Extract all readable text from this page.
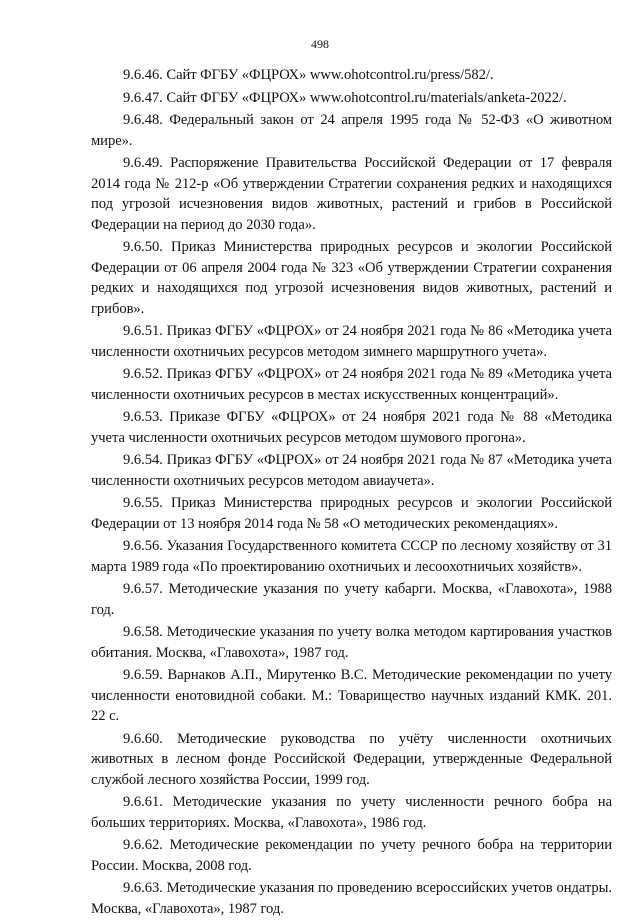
498

9.6.46. Сайт ФГБУ «ФЦРОХ» www.ohotcontrol.ru/press/582/.

9.6.47. Сайт ФГБУ «ФЦРОХ» www.ohotcontrol.ru/materials/anketa-2022/.

9.6.48. Федеральный закон от 24 апреля 1995 года № 52-ФЗ «О животном мире».

9.6.49. Распоряжение Правительства Российской Федерации от 17 февраля 2014 года № 212-р «Об утверждении Стратегии сохранения редких и находящихся под угрозой исчезновения видов животных, растений и грибов в Российской Федерации на период до 2030 года».

9.6.50. Приказ Министерства природных ресурсов и экологии Российской Федерации от 06 апреля 2004 года № 323 «Об утверждении Стратегии сохранения редких и находящихся под угрозой исчезновения видов животных, растений и грибов».

9.6.51. Приказ ФГБУ «ФЦРОХ» от 24 ноября 2021 года № 86 «Методика учета численности охотничьих ресурсов методом зимнего маршрутного учета».

9.6.52. Приказ ФГБУ «ФЦРОХ» от 24 ноября 2021 года № 89 «Методика учета численности охотничьих ресурсов в местах искусственных концентраций».

9.6.53. Приказе ФГБУ «ФЦРОХ» от 24 ноября 2021 года № 88 «Методика учета численности охотничьих ресурсов методом шумового прогона».

9.6.54. Приказ ФГБУ «ФЦРОХ» от 24 ноября 2021 года № 87 «Методика учета численности охотничьих ресурсов методом авиаучета».

9.6.55. Приказ Министерства природных ресурсов и экологии Российской Федерации от 13 ноября 2014 года № 58 «О методических рекомендациях».

9.6.56. Указания Государственного комитета СССР по лесному хозяйству от 31 марта 1989 года «По проектированию охотничьих и лесоохотничьих хозяйств».

9.6.57. Методические указания по учету кабарги. Москва, «Главохота», 1988 год.

9.6.58. Методические указания по учету волка методом картирования участков обитания. Москва, «Главохота», 1987 год.

9.6.59. Варнаков А.П., Мирутенко В.С. Методические рекомендации по учету численности енотовидной собаки. М.: Товарищество научных изданий КМК. 201. 22 с.

9.6.60. Методические руководства по учёту численности охотничьих животных в лесном фонде Российской Федерации, утвержденные Федеральной службой лесного хозяйства России, 1999 год.

9.6.61. Методические указания по учету численности речного бобра на больших территориях. Москва, «Главохота», 1986 год.

9.6.62. Методические рекомендации по учету речного бобра на территории России. Москва, 2008 год.

9.6.63. Методические указания по проведению всероссийских учетов ондатры. Москва, «Главохота», 1987 год.
